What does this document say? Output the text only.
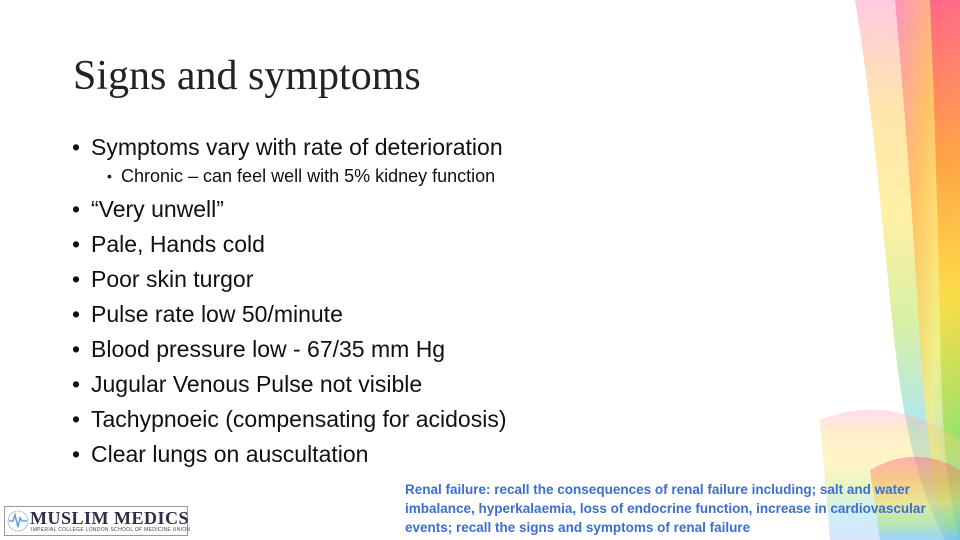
Signs and symptoms
• Symptoms vary with rate of deterioration
• Chronic – can feel well with 5% kidney function
• “Very unwell”
• Pale, Hands cold
• Poor skin turgor
• Pulse rate low 50/minute
• Blood pressure low - 67/35 mm Hg
• Jugular Venous Pulse not visible
• Tachypnoeic (compensating for acidosis)
• Clear lungs on auscultation
Renal failure: recall the consequences of renal failure including; salt and water imbalance, hyperkalaemia, loss of endocrine function, increase in cardiovascular events; recall the signs and symptoms of renal failure
MUSLIM MEDICS
IMPERIAL COLLEGE LONDON SCHOOL OF MEDICINE UNION
